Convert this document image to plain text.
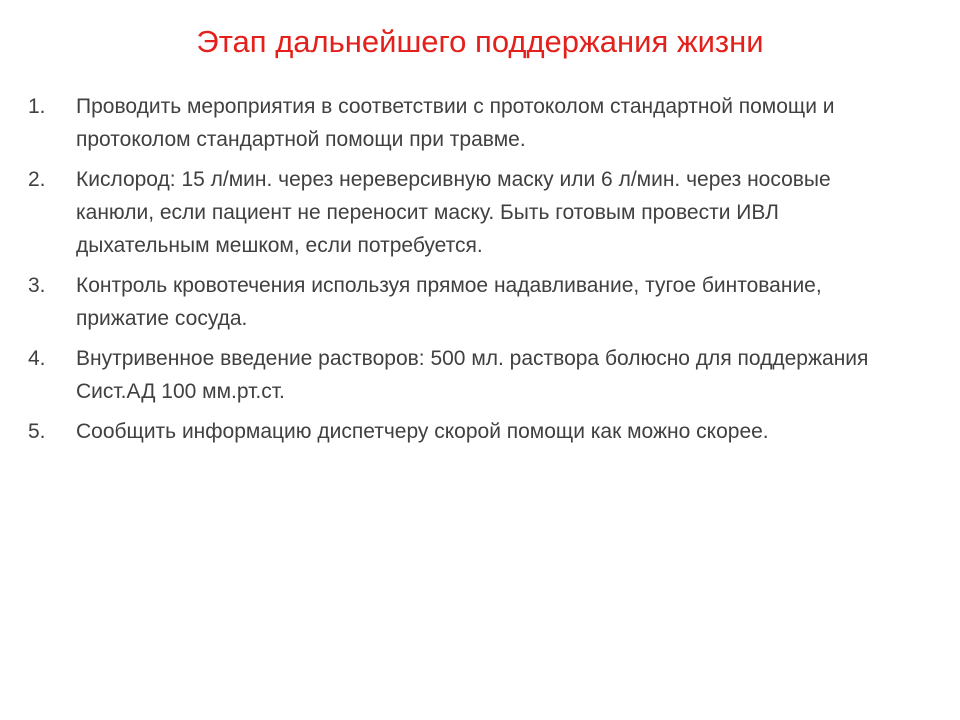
Этап дальнейшего поддержания жизни
1.	Проводить мероприятия в соответствии с протоколом стандартной помощи и протоколом стандартной помощи при травме.
2.	Кислород: 15 л/мин. через нереверсивную маску или 6 л/мин. через носовые канюли, если пациент не переносит маску. Быть готовым провести ИВЛ дыхательным мешком, если потребуется.
3.	Контроль кровотечения используя прямое надавливание, тугое бинтование, прижатие сосуда.
4.	Внутривенное введение растворов: 500 мл. раствора болюсно для поддержания Сист.АД 100 мм.рт.ст.
5.	Сообщить информацию диспетчеру скорой помощи как можно скорее.
